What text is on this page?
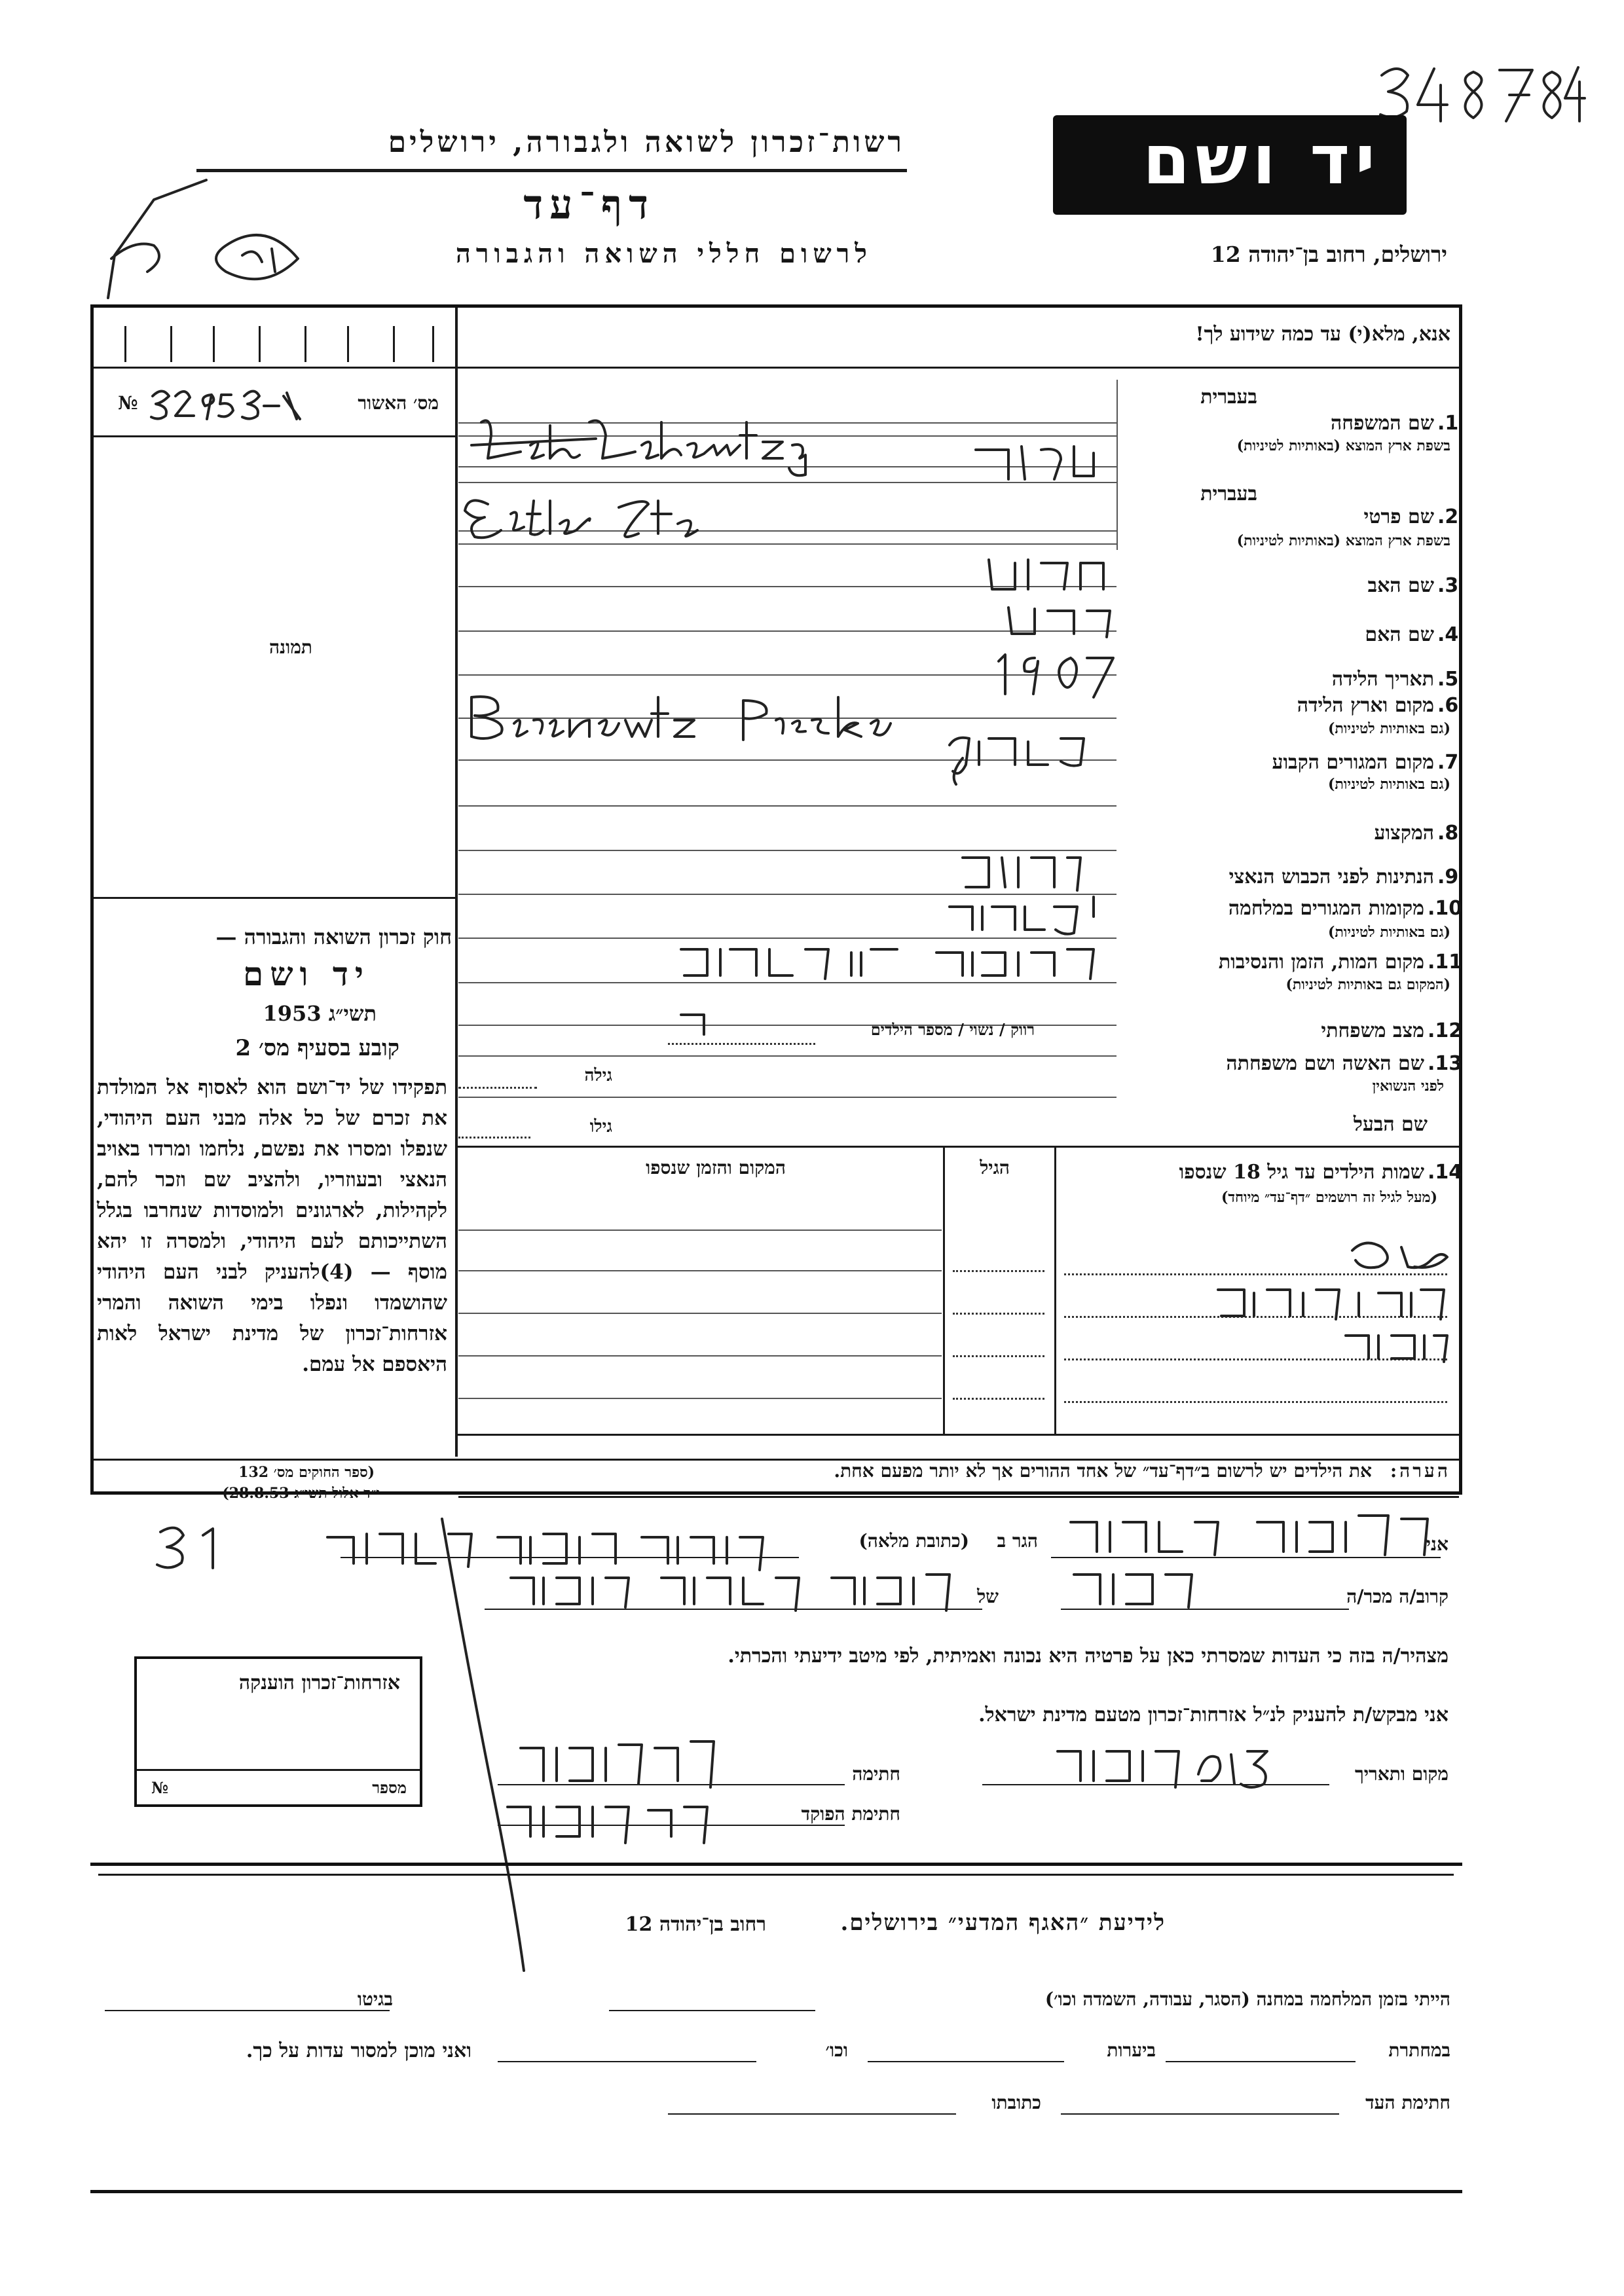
רשות־זכרון לשואה ולגבורה, ירושלים
דף־עד
לרשום חללי השואה והגבורה
יד ושם
ירושלים, רחוב בן־יהודה 12
№	מס׳ האשור
תמונה
חוק זכרון השואה והגבורה —
יד ושם
תשי״ג 1953
קובע בסעיף מס׳ 2
תפקידו של יד־ושם הוא לאסוף אל המולדת את זכרם של כל אלה מבני העם היהודי, שנפלו ומסרו את נפשם, נלחמו ומרדו באויב הנאצי ובעוזריו, ולהציב שם וזכר להם, לקהילות, לארגונים ולמוסדות שנחרבו בגלל השתייכותם לעם היהודי, ולמסרה זו יהא מוסף — (4)להעניק לבני העם היהודי שהושמדו ונפלו בימי השואה והמרי אזרחות־זכרון של מדינת ישראל לאות היאספם אל עמם.
(ספר החוקים מס׳ 132
י״ד אלול תשי״ג 28.8.53)
אנא, מלא(י) עד כמה שידוע לך!
בעברית
1.
שם המשפחה
בשפת ארץ המוצא (באותיות לטיניות)
בעברית
2.
שם פרטי
בשפת ארץ המוצא (באותיות לטיניות)
3.
שם האב
4.
שם האם
5.
תאריך הלידה
6.
מקום וארץ הלידה
(גם באותיות לטיניות)
7.
מקום המגורים הקבוע
(גם באותיות לטיניות)
8.
המקצוע
9.
הנתינות לפני הכבוש הנאצי
10.
מקומות המגורים במלחמה
(גם באותיות לטיניות)
11.
מקום המות, הזמן והנסיבות
(המקום גם באותיות לטיניות)
12.
מצב משפחתי
רווק / נשוי / מספר הילדים
13.
שם האשה ושם משפחתה
לפני הנשואין
גילה
שם הבעל
גילו
14.
שמות הילדים עד גיל 18 שנספו
(מעל לגיל זה רושמים ״דף־עד״ מיוחד)
הגיל
המקום והזמן שנספו
הערה:
את הילדים יש לרשום ב״דף־עד״ של אחד ההורים אך לא יותר מפעם אחת.
אני
הגר ב
(כתובת מלאה)
קרוב/ה מכר/ה
של
מצהיר/ה בזה כי העדות שמסרתי כאן על פרטיה היא נכונה ואמיתית, לפי מיטב ידיעתי והכרתי.
אני מבקש/ת להעניק לנ״ל אזרחות־זכרון מטעם מדינת ישראל.
מקום ותאריך
חתימה
חתימת הפוקד
אזרחות־זכרון הוענקה
מספר
№
לידיעת ״האגף המדעי״ בירושלים.
רחוב בן־יהודה 12
הייתי בזמן המלחמה במחנה (הסגר, עבודה, השמדה וכו׳)
בגיטו
במחתרת
ביערות
וכו׳
ואני מוכן למסור עדות על כך.
חתימת העד
כתובתו
